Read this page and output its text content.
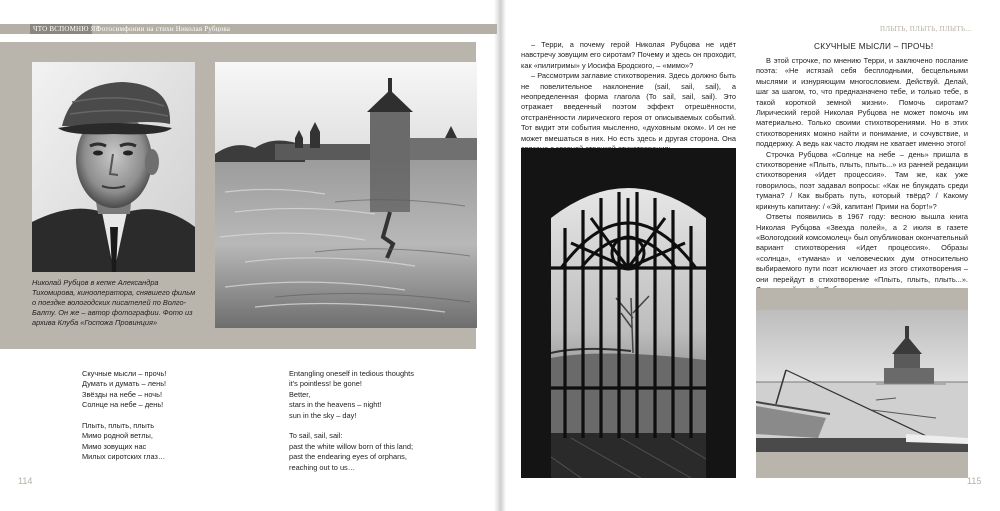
ЧТО ВСПОМНЮ Я?
Фотосимфонии на стихи Николая Рубцова
Николай Рубцов в кепке Александра Тихомирова, кинооператора, снявшего фильм о поездке вологодских писателей по Волго-Балту. Он же – автор фотографии. Фото из архива Клуба «Госпожа Провинция»
Скучные мысли – прочь!
Думать и думать – лень!
Звёзды на небе – ночь!
Солнце на небе – день!

Плыть, плыть, плыть
Мимо родной ветлы,
Мимо зовущих нас
Милых сиротских глаз…
Entangling oneself in tedious thoughts
it's pointless! be gone!
Better,
stars in the heavens – night!
sun in the sky – day!

To sail, sail, sail:
past the white willow born of this land;
past the endearing eyes of orphans,
reaching out to us…
114
ПЛЫТЬ, ПЛЫТЬ, ПЛЫТЬ...

– Терри, а почему герой Николая Рубцова не идёт навстречу зовущим его сиротам? Почему и здесь он проходит, как «пилигримы» у Иосифа Бродского, – «мимо»?

– Рассмотрим заглавие стихотворения. Здесь должно быть не повелительное наклонение (sail, sail, sail), а неопределенная форма глагола (To sail, sail, sail). Это отражает введенный поэтом эффект отрешённости, отстранённости лирического героя от описываемых событий. Тот видит эти события мысленно, «духовным оком». И он не может вмешаться в них. Но есть здесь и другая сторона. Она

СКУЧНЫЕ МЫСЛИ – ПРОЧЬ!

В этой строчке, по мнению Терри, и заключено послание поэта: «Не истязай себя бесплодными, бесцельными мыслями и изнуряющим многословием. Действуй. Делай, шаг за шагом, то, что предназначено тебе, и только тебе, в такой короткой земной жизни». Помочь сиротам? Лирический герой Николая Рубцова не может помочь им материально. Только своими стихотворениями. Но в этих стихотворениях можно найти и понимание, и сочувствие, и поддержку. А ведь как часто людям не хватает именно этого!

Строчка Рубцова «Солнце на небе – день» пришла в стихотворение «Плыть, плыть, плыть...» из ранней редакции стихотворения «Идет процессия». Там же, как уже говорилось, поэт задавал вопросы: «Как не блуждать среди тумана? / Как выбрать путь, который твёрд? / Какому крикнуть капитану: / «Эй, капитан! Прими на борт!»?

Ответы появились в 1967 году: весною вышла книга Николая Рубцова «Звезда полей», а 2 июля в газете «Вологодский комсомолец» был опубликован окончательный вариант стихотворения «Идет процессия». Образы «солнца», «тумана» и человеческих дум относительно выбираемого пути поэт исключает из этого стихотворения – они перейдут в стихотворение «Плыть, плыть, плыть...».

115
